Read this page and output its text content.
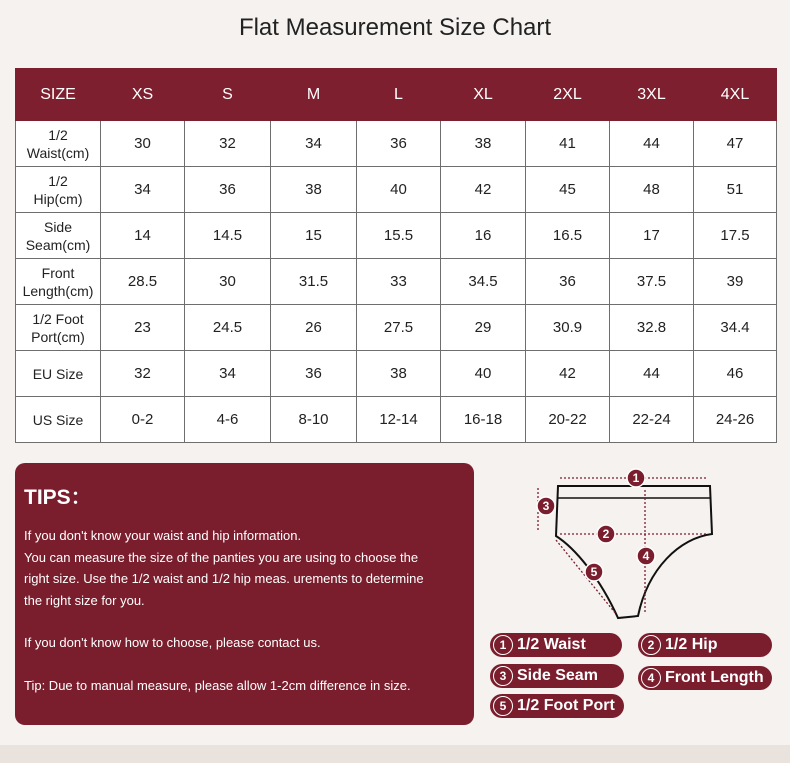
Flat Measurement Size Chart
SIZE	XS	S	M	L	XL	2XL	3XL	4XL

1/2
Waist(cm)	30	32	34	36	38	41	44	47

1/2
Hip(cm)	34	36	38	40	42	45	48	51

Side
Seam(cm)	14	14.5	15	15.5	16	16.5	17	17.5

Front
Length(cm)	28.5	30	31.5	33	34.5	36	37.5	39

1/2 Foot
Port(cm)	23	24.5	26	27.5	29	30.9	32.8	34.4

EU Size	32	34	36	38	40	42	44	46

US Size	0-2	4-6	8-10	12-14	16-18	20-22	22-24	24-26
TIPS：

If you don't know your waist and hip information.

You can measure the size of the panties you are using to choose the

right size. Use the 1/2 waist and 1/2 hip meas. urements to determine

the right size for you.

If you don't know how to choose, please contact us.

Tip: Due to manual measure, please allow 1-2cm difference in size.

1
2
3
4
5
1 1/2 Waist	2 1/2 Hip
3 Side Seam	4 Front Length
5 1/2 Foot Port
